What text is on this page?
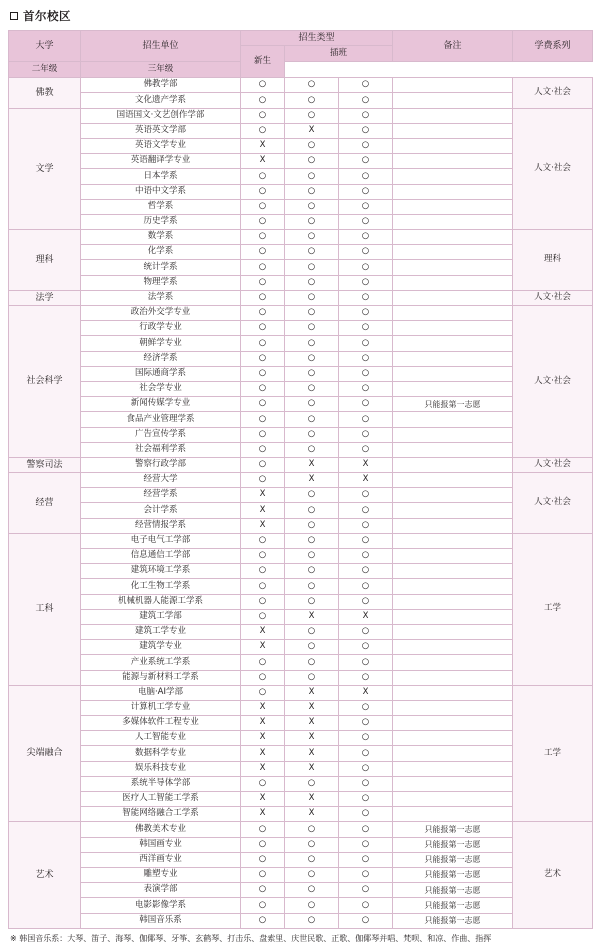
首尔校区
大学	招生单位	招生类型			备注	学费系列
		新生	插班			
二年级	三年级					
佛教	佛教学部	○	○	○		人文·社会
	文化遗产学系	○	○	○		
文学	国语国文·文艺创作学部	○	○	○		人文·社会
	英语英文学部	○	X	○		
	英语文学专业	X	○	○		
	英语翻译学专业	X	○	○		
	日本学系	○	○	○		
	中语中文学系	○	○	○		
	哲学系	○	○	○		
	历史学系	○	○	○		
理科	数学系	○	○	○		理科
	化学系	○	○	○		
	统计学系	○	○	○		
	物理学系	○	○	○		
法学	法学系	○	○	○		人文·社会
社会科学	政治外交学专业	○	○	○		人文·社会
	行政学专业	○	○	○		
	朝鲜学专业	○	○	○		
	经济学系	○	○	○		
	国际通商学系	○	○	○		
	社会学专业	○	○	○		
	新闻传媒学专业	○	○	○	只能报第一志愿	
	食品产业管理学系	○	○	○		
	广告宣传学系	○	○	○		
	社会福利学系	○	○	○		
警察司法	警察行政学部	○	X	X		人文·社会
经营	经营大学	○	X	X		人文·社会
	经营学系	X	○	○		
	会计学系	X	○	○		
	经营情报学系	X	○	○		
工科	电子电气工学部	○	○	○		工学
	信息通信工学部	○	○	○		
	建筑环境工学系	○	○	○		
	化工生物工学系	○	○	○		
	机械机器人能源工学系	○	○	○		
	建筑工学部	○	X	X		
	建筑工学专业	X	○	○		
	建筑学专业	X	○	○		
	产业系统工学系	○	○	○		
	能源与新材料工学系	○	○	○		
尖端融合	电脑·AI学部	○	X	X		工学
	计算机工学专业	X	X	○		
	多媒体软件工程专业	X	X	○		
	人工智能专业	X	X	○		
	数据科学专业	X	X	○		
	娱乐科技专业	X	X	○		
	系统半导体学部	○	○	○		
	医疗人工智能工学系	X	X	○		
	智能网络融合工学系	X	X	○		
艺术	佛教美术专业	○	○	○	只能报第一志愿	艺术
	韩国画专业	○	○	○	只能报第一志愿	
	西洋画专业	○	○	○	只能报第一志愿	
	雕塑专业	○	○	○	只能报第一志愿	
	表演学部	○	○	○	只能报第一志愿	
	电影影像学系	○	○	○	只能报第一志愿	
	韩国音乐系	○	○	○	只能报第一志愿	
※ 韩国音乐系：大琴、笛子、海琴、伽倻琴、牙筝、玄鹤琴、打击乐、盘索里、庆世民歌、正歌、伽倻琴并唱、梵呗、和凉、作曲、指挥
